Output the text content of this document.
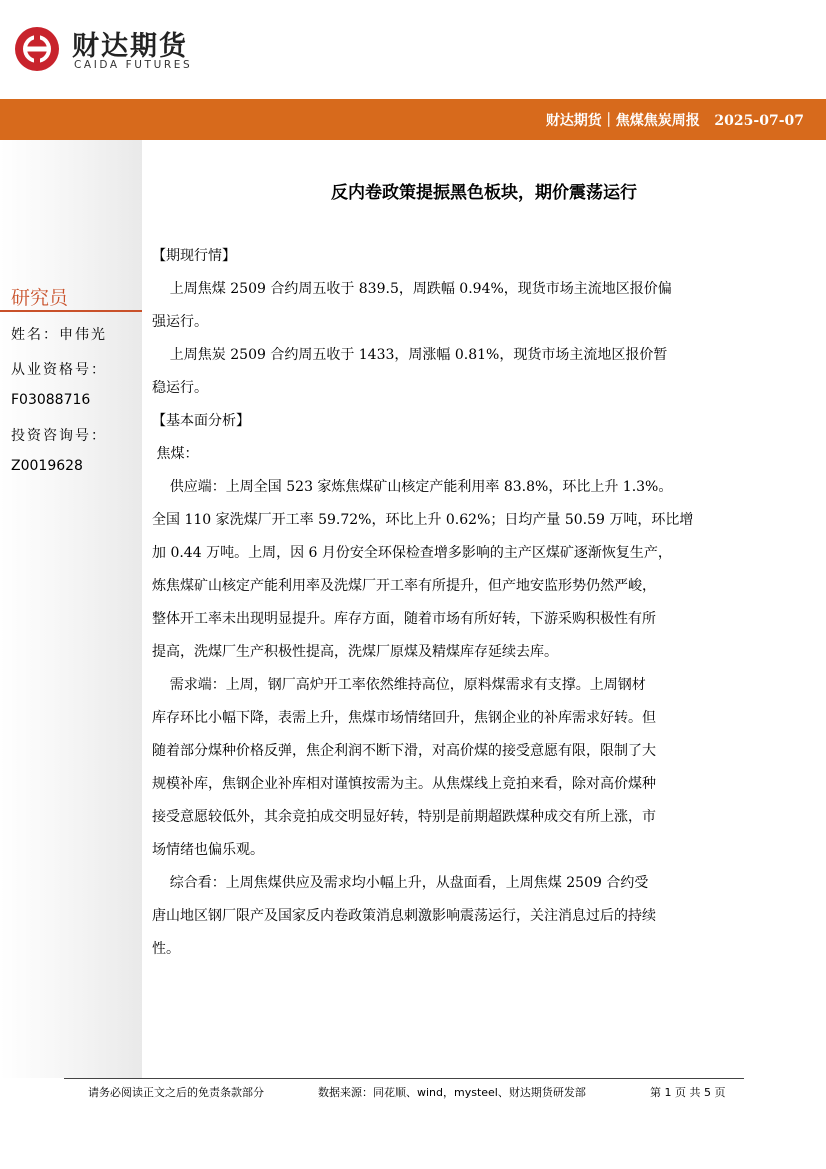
财达期货
CAIDA FUTURES
财达期货｜焦煤焦炭周报   2025-07-07
研究员
姓名：申伟光
从业资格号：
F03088716
投资咨询号：
Z0019628
反内卷政策提振黑色板块，期价震荡运行
【期现行情】
上周焦煤 2509 合约周五收于 839.5，周跌幅 0.94%，现货市场主流地区报价偏
强运行。
上周焦炭 2509 合约周五收于 1433，周涨幅 0.81%，现货市场主流地区报价暂
稳运行。
【基本面分析】
焦煤：
供应端：上周全国 523 家炼焦煤矿山核定产能利用率 83.8%，环比上升 1.3%。
全国 110 家洗煤厂开工率 59.72%，环比上升 0.62%；日均产量 50.59 万吨，环比增
加 0.44 万吨。上周，因 6 月份安全环保检查增多影响的主产区煤矿逐渐恢复生产，
炼焦煤矿山核定产能利用率及洗煤厂开工率有所提升，但产地安监形势仍然严峻，
整体开工率未出现明显提升。库存方面，随着市场有所好转，下游采购积极性有所
提高，洗煤厂生产积极性提高，洗煤厂原煤及精煤库存延续去库。
需求端：上周，钢厂高炉开工率依然维持高位，原料煤需求有支撑。上周钢材
库存环比小幅下降，表需上升，焦煤市场情绪回升，焦钢企业的补库需求好转。但
随着部分煤种价格反弹，焦企利润不断下滑，对高价煤的接受意愿有限，限制了大
规模补库，焦钢企业补库相对谨慎按需为主。从焦煤线上竞拍来看，除对高价煤种
接受意愿较低外，其余竞拍成交明显好转，特别是前期超跌煤种成交有所上涨，市
场情绪也偏乐观。
综合看：上周焦煤供应及需求均小幅上升，从盘面看，上周焦煤 2509 合约受
唐山地区钢厂限产及国家反内卷政策消息刺激影响震荡运行，关注消息过后的持续
性。
请务必阅读正文之后的免责条款部分	数据来源：同花顺、wind，mysteel、财达期货研发部	第 1 页 共 5 页
